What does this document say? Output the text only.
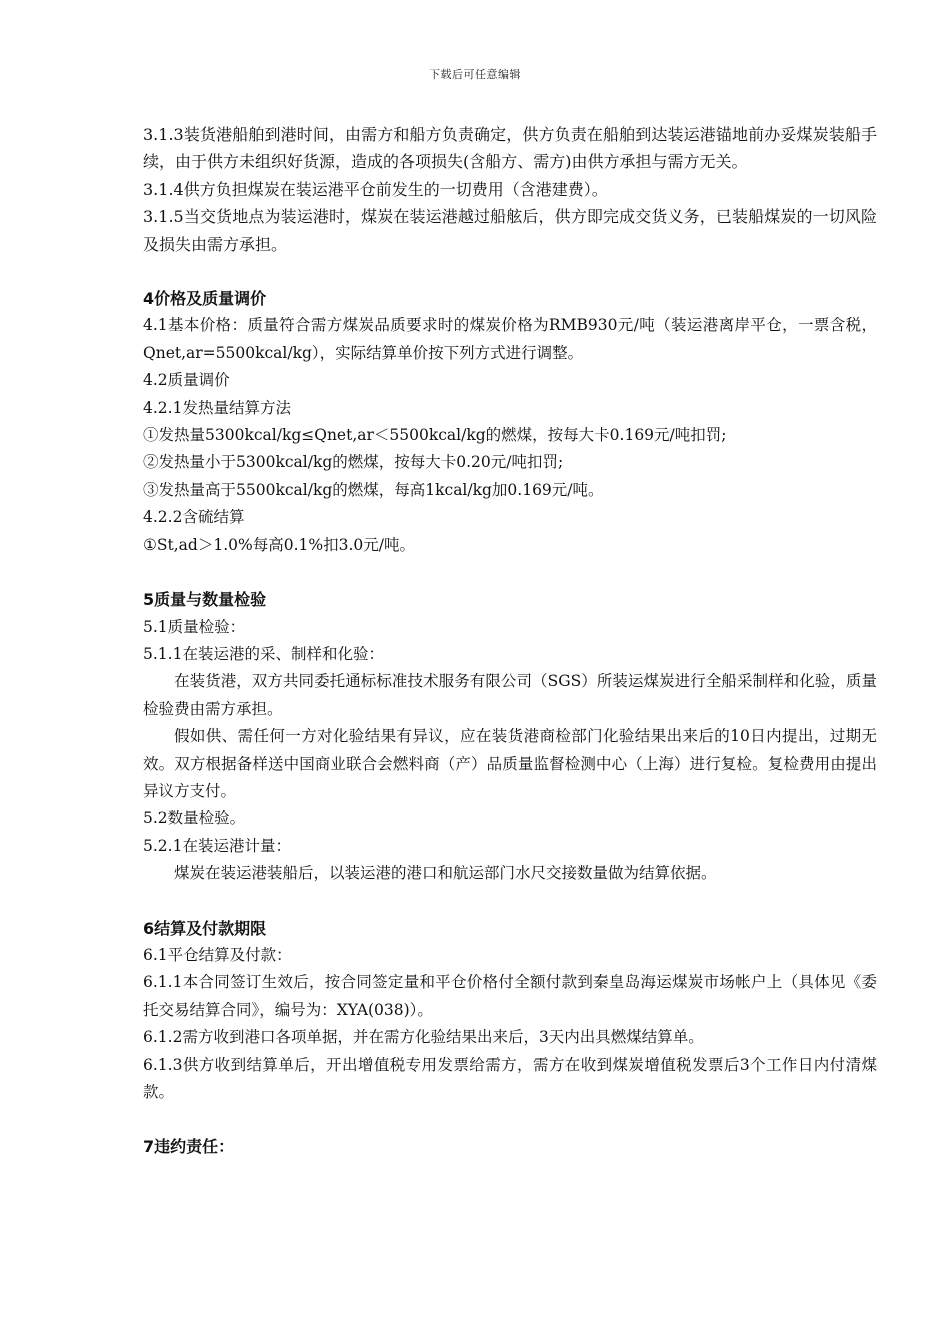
下载后可任意编辑

3.1.3装货港船舶到港时间，由需方和船方负责确定，供方负责在船舶到达装运港锚地前办妥煤炭装船手续，由于供方未组织好货源，造成的各项损失(含船方、需方)由供方承担与需方无关。

3.1.4供方负担煤炭在装运港平仓前发生的一切费用（含港建费）。

3.1.5当交货地点为装运港时，煤炭在装运港越过船舷后，供方即完成交货义务，已装船煤炭的一切风险及损失由需方承担。

4价格及质量调价

4.1基本价格：质量符合需方煤炭品质要求时的煤炭价格为RMB930元/吨（装运港离岸平仓，一票含税，Qnet,ar=5500kcal/kg），实际结算单价按下列方式进行调整。

4.2质量调价

4.2.1发热量结算方法

①发热量5300kcal/kg≤Qnet,ar＜5500kcal/kg的燃煤，按每大卡0.169元/吨扣罚;

②发热量小于5300kcal/kg的燃煤，按每大卡0.20元/吨扣罚;

③发热量高于5500kcal/kg的燃煤，每高1kcal/kg加0.169元/吨。

4.2.2含硫结算

①St,ad＞1.0%每高0.1%扣3.0元/吨。

5质量与数量检验

5.1质量检验：

5.1.1在装运港的采、制样和化验：

在装货港，双方共同委托通标标准技术服务有限公司（SGS）所装运煤炭进行全船采制样和化验，质量检验费由需方承担。

假如供、需任何一方对化验结果有异议，应在装货港商检部门化验结果出来后的10日内提出，过期无效。双方根据备样送中国商业联合会燃料商（产）品质量监督检测中心（上海）进行复检。复检费用由提出异议方支付。

5.2数量检验。

5.2.1在装运港计量：

煤炭在装运港装船后，以装运港的港口和航运部门水尺交接数量做为结算依据。

6结算及付款期限

6.1平仓结算及付款：

6.1.1本合同签订生效后，按合同签定量和平仓价格付全额付款到秦皇岛海运煤炭市场帐户上（具体见《委托交易结算合同》，编号为：XYA(038)）。

6.1.2需方收到港口各项单据，并在需方化验结果出来后，3天内出具燃煤结算单。

6.1.3供方收到结算单后，开出增值税专用发票给需方，需方在收到煤炭增值税发票后3个工作日内付清煤款。

7违约责任：
